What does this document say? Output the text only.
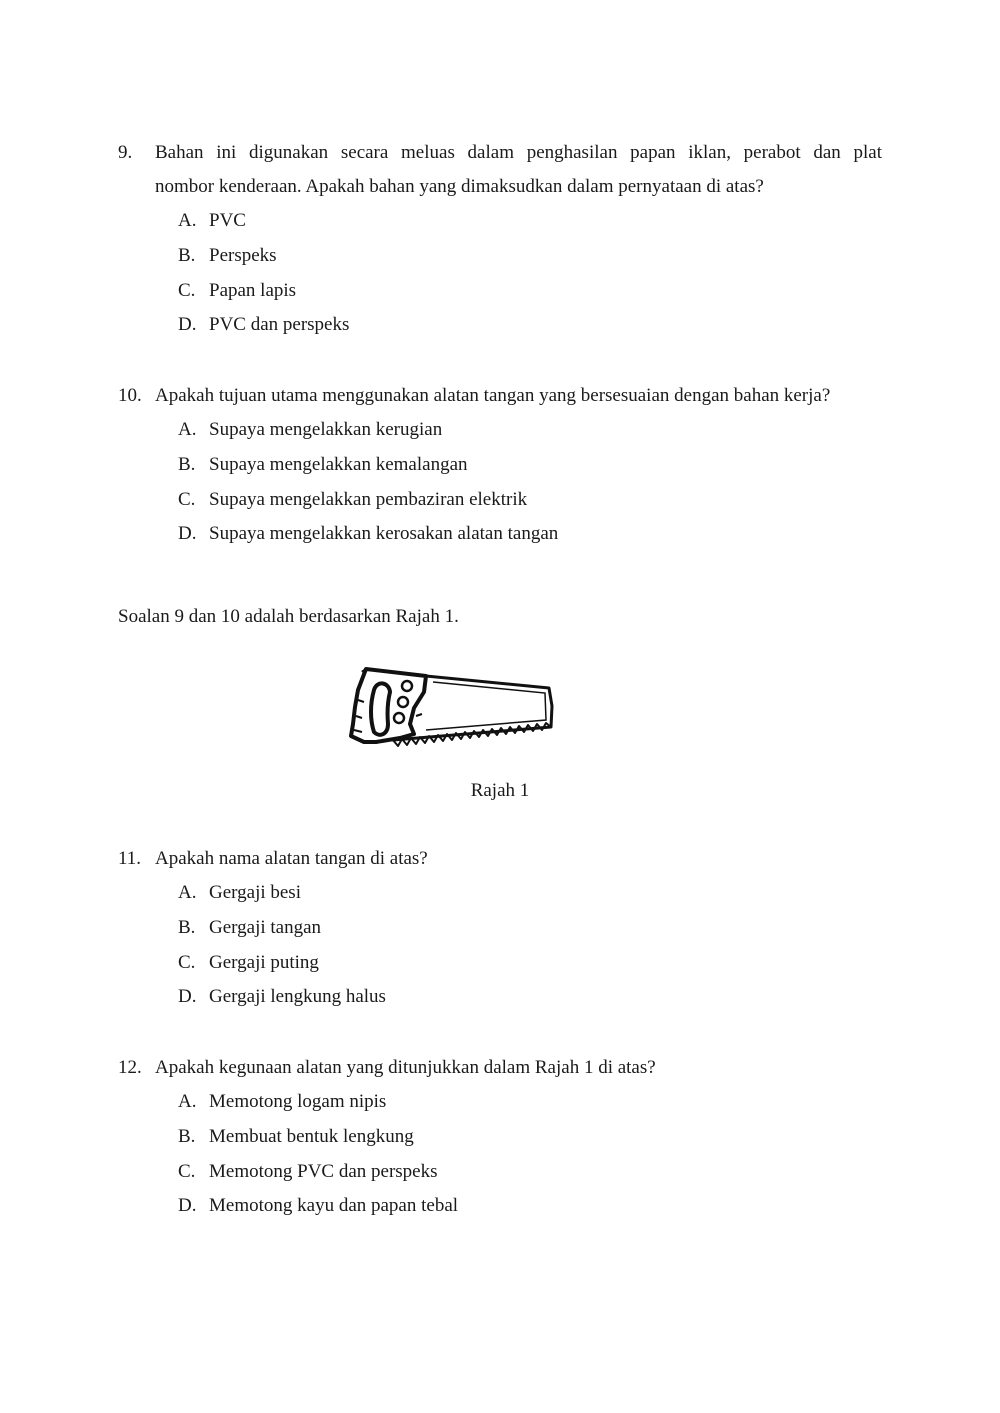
9. Bahan ini digunakan secara meluas dalam penghasilan papan iklan, perabot dan plat
nombor kenderaan. Apakah bahan yang dimaksudkan dalam pernyataan di atas?
A. PVC
B. Perspeks
C. Papan lapis
D. PVC dan perspeks
10. Apakah tujuan utama menggunakan alatan tangan yang bersesuaian dengan bahan kerja?
A. Supaya mengelakkan kerugian
B. Supaya mengelakkan kemalangan
C. Supaya mengelakkan pembaziran elektrik
D. Supaya mengelakkan kerosakan alatan tangan
Soalan 9 dan 10 adalah berdasarkan Rajah 1.
Rajah 1
11. Apakah nama alatan tangan di atas?
A. Gergaji besi
B. Gergaji tangan
C. Gergaji puting
D. Gergaji lengkung halus
12. Apakah kegunaan alatan yang ditunjukkan dalam Rajah 1 di atas?
A. Memotong logam nipis
B. Membuat bentuk lengkung
C. Memotong PVC dan perspeks
D. Memotong kayu dan papan tebal
